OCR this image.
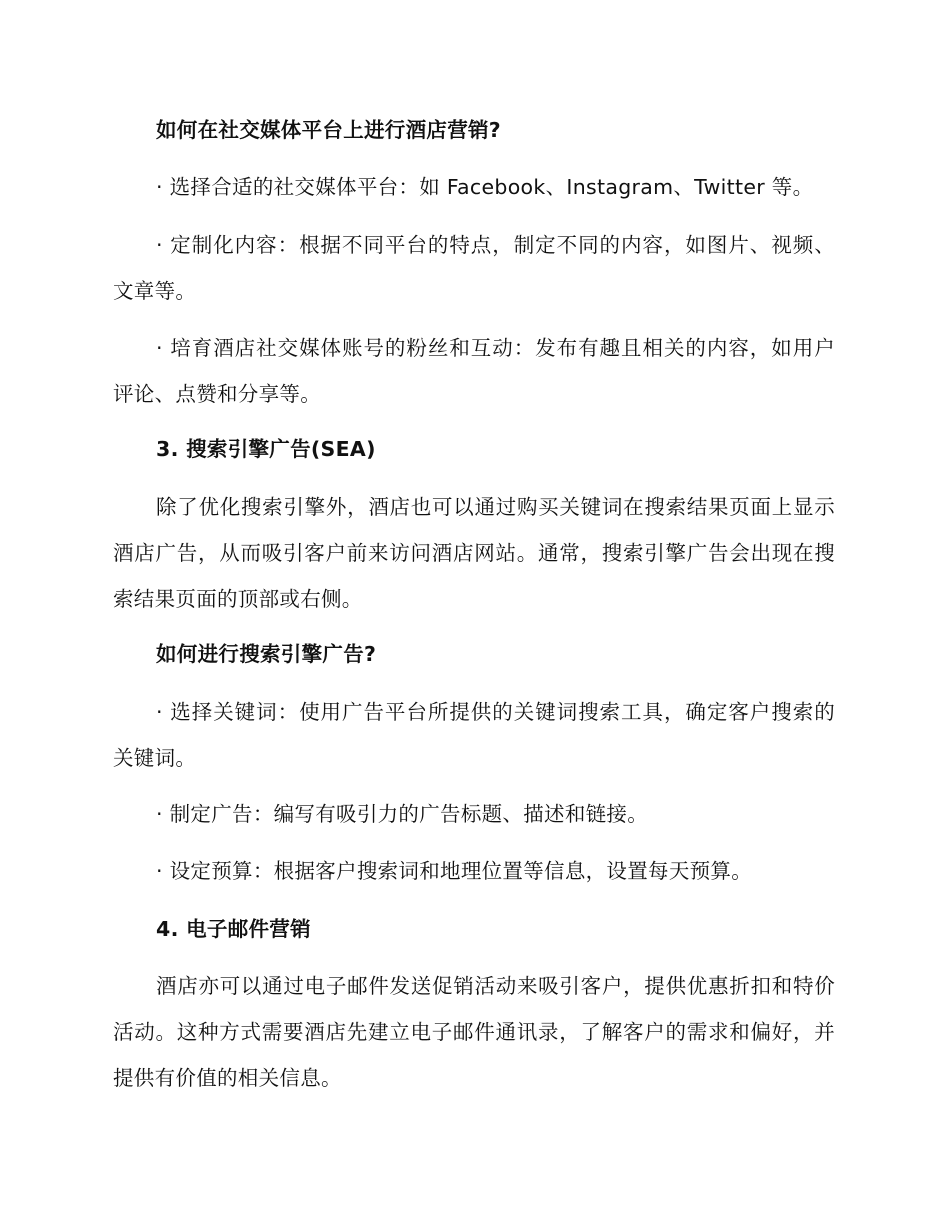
如何在社交媒体平台上进行酒店营销?

· 选择合适的社交媒体平台：如 Facebook、Instagram、Twitter 等。

· 定制化内容：根据不同平台的特点，制定不同的内容，如图片、视频、文章等。

· 培育酒店社交媒体账号的粉丝和互动：发布有趣且相关的内容，如用户评论、点赞和分享等。

3. 搜索引擎广告(SEA)

除了优化搜索引擎外，酒店也可以通过购买关键词在搜索结果页面上显示酒店广告，从而吸引客户前来访问酒店网站。通常，搜索引擎广告会出现在搜索结果页面的顶部或右侧。

如何进行搜索引擎广告?

· 选择关键词：使用广告平台所提供的关键词搜索工具，确定客户搜索的关键词。

· 制定广告：编写有吸引力的广告标题、描述和链接。

· 设定预算：根据客户搜索词和地理位置等信息，设置每天预算。

4. 电子邮件营销

酒店亦可以通过电子邮件发送促销活动来吸引客户，提供优惠折扣和特价活动。这种方式需要酒店先建立电子邮件通讯录，了解客户的需求和偏好，并提供有价值的相关信息。
